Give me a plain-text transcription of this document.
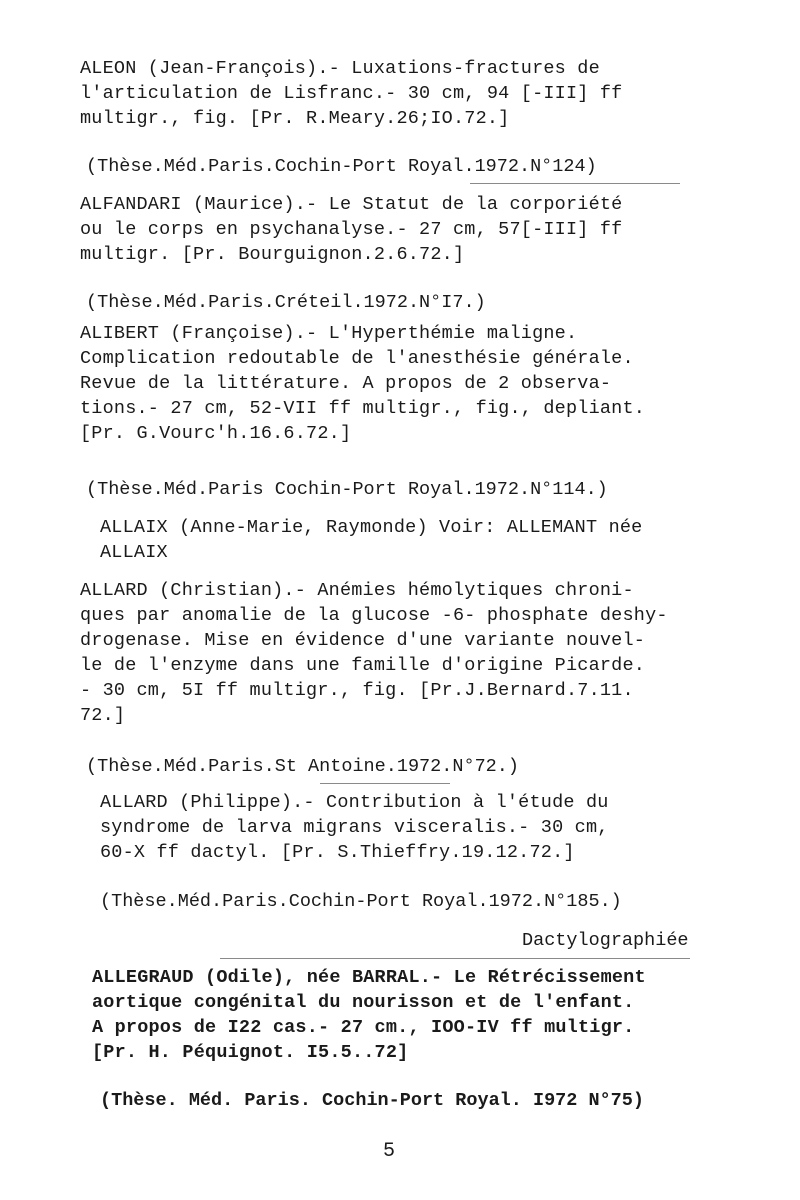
ALEON (Jean-François).- Luxations-fractures de
l'articulation de Lisfranc.- 30 cm, 94 [-III] ff
multigr., fig. [Pr. R.Meary.26;IO.72.]
(Thèse.Méd.Paris.Cochin-Port Royal.1972.N°124)
ALFANDARI (Maurice).- Le Statut de la corporiété
ou le corps en psychanalyse.- 27 cm, 57[-III] ff
multigr. [Pr. Bourguignon.2.6.72.]
(Thèse.Méd.Paris.Créteil.1972.N°I7.)
ALIBERT (Françoise).- L'Hyperthémie maligne.
Complication redoutable de l'anesthésie générale.
Revue de la littérature. A propos de 2 observa-
tions.- 27 cm, 52-VII ff multigr., fig., depliant.
[Pr. G.Vourc'h.16.6.72.]
(Thèse.Méd.Paris Cochin-Port Royal.1972.N°114.)
ALLAIX (Anne-Marie, Raymonde) Voir: ALLEMANT née
ALLAIX
ALLARD (Christian).- Anémies hémolytiques chroni-
ques par anomalie de la glucose -6- phosphate deshy-
drogenase. Mise en évidence d'une variante nouvel-
le de l'enzyme dans une famille d'origine Picarde.
- 30 cm, 5I ff multigr., fig. [Pr.J.Bernard.7.11.
72.]
(Thèse.Méd.Paris.St Antoine.1972.N°72.)
ALLARD (Philippe).- Contribution à l'étude du
syndrome de larva migrans visceralis.- 30 cm,
60-X ff dactyl. [Pr. S.Thieffry.19.12.72.]
(Thèse.Méd.Paris.Cochin-Port Royal.1972.N°185.)
Dactylographiée
ALLEGRAUD (Odile), née BARRAL.- Le Rétrécissement
aortique congénital du nourisson et de l'enfant.
A propos de I22 cas.- 27 cm., IOO-IV ff multigr.
[Pr. H. Péquignot. I5.5..72]
(Thèse. Méd. Paris. Cochin-Port Royal. I972 N°75)
5
